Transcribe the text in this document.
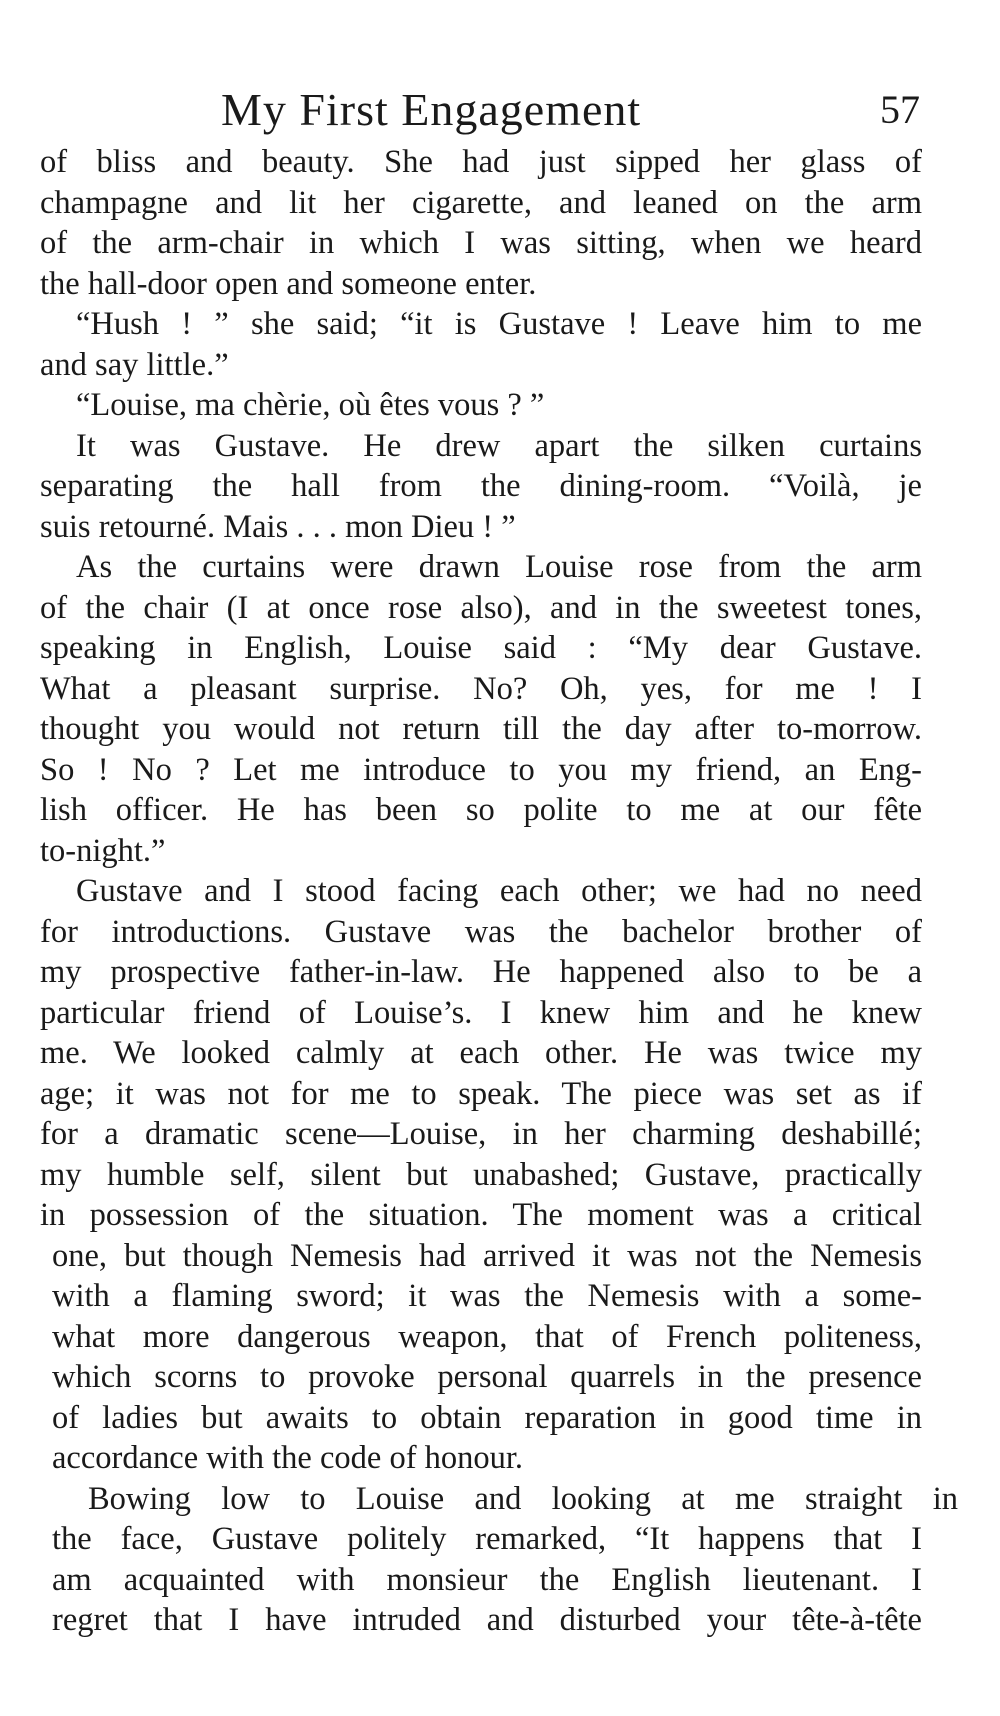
My First Engagement	57
of bliss and beauty. She had just sipped her glass of
champagne and lit her cigarette, and leaned on the arm
of the arm-chair in which I was sitting, when we heard
the hall-door open and someone enter.
“Hush ! ” she said; “it is Gustave ! Leave him to me
and say little.”
“Louise, ma chèrie, où êtes vous ? ”
It was Gustave. He drew apart the silken curtains
separating the hall from the dining-room. “Voilà, je
suis retourné. Mais . . . mon Dieu ! ”
As the curtains were drawn Louise rose from the arm
of the chair (I at once rose also), and in the sweetest tones,
speaking in English, Louise said : “My dear Gustave.
What a pleasant surprise. No? Oh, yes, for me ! I
thought you would not return till the day after to-morrow.
So ! No ? Let me introduce to you my friend, an Eng-
lish officer. He has been so polite to me at our fête
to-night.”
Gustave and I stood facing each other; we had no need
for introductions. Gustave was the bachelor brother of
my prospective father-in-law. He happened also to be a
particular friend of Louise’s. I knew him and he knew
me. We looked calmly at each other. He was twice my
age; it was not for me to speak. The piece was set as if
for a dramatic scene—Louise, in her charming deshabillé;
my humble self, silent but unabashed; Gustave, practically
in possession of the situation. The moment was a critical
one, but though Nemesis had arrived it was not the Nemesis
with a flaming sword; it was the Nemesis with a some-
what more dangerous weapon, that of French politeness,
which scorns to provoke personal quarrels in the presence
of ladies but awaits to obtain reparation in good time in
accordance with the code of honour.
Bowing low to Louise and looking at me straight in
the face, Gustave politely remarked, “It happens that I
am acquainted with monsieur the English lieutenant. I
regret that I have intruded and disturbed your tête-à-tête
